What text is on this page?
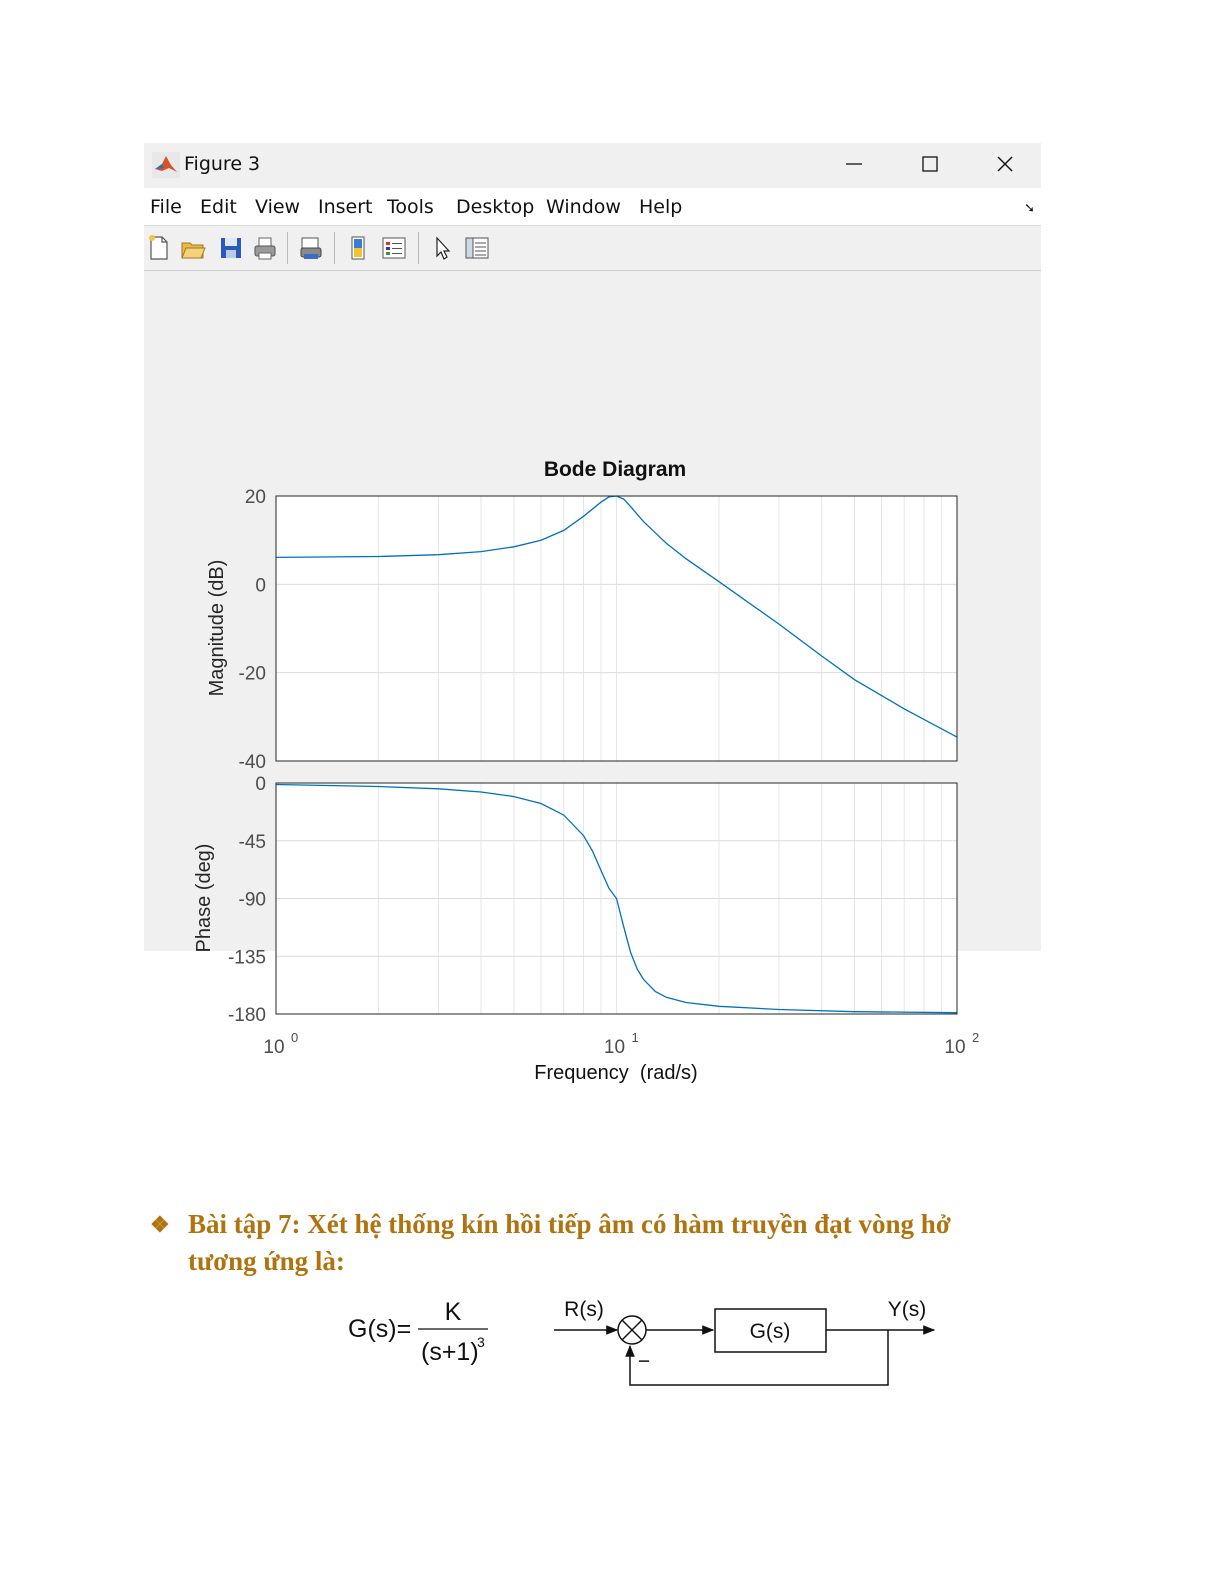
Figure 3
File Edit View Insert Tools Desktop Window Help	➘
Bode Diagram
20
0
-20
-40
Magnitude (dB)
0
-45
-90
-135
-180
Phase (deg)
10 0	10 1	10 2
Frequency  (rad/s)
❖ Bài tập 7: Xét hệ thống kín hồi tiếp âm có hàm truyền đạt vòng hở
tương ứng là:
G(s)=
K
(s+1)
3
R(s)
G(s)
Y(s)
−
